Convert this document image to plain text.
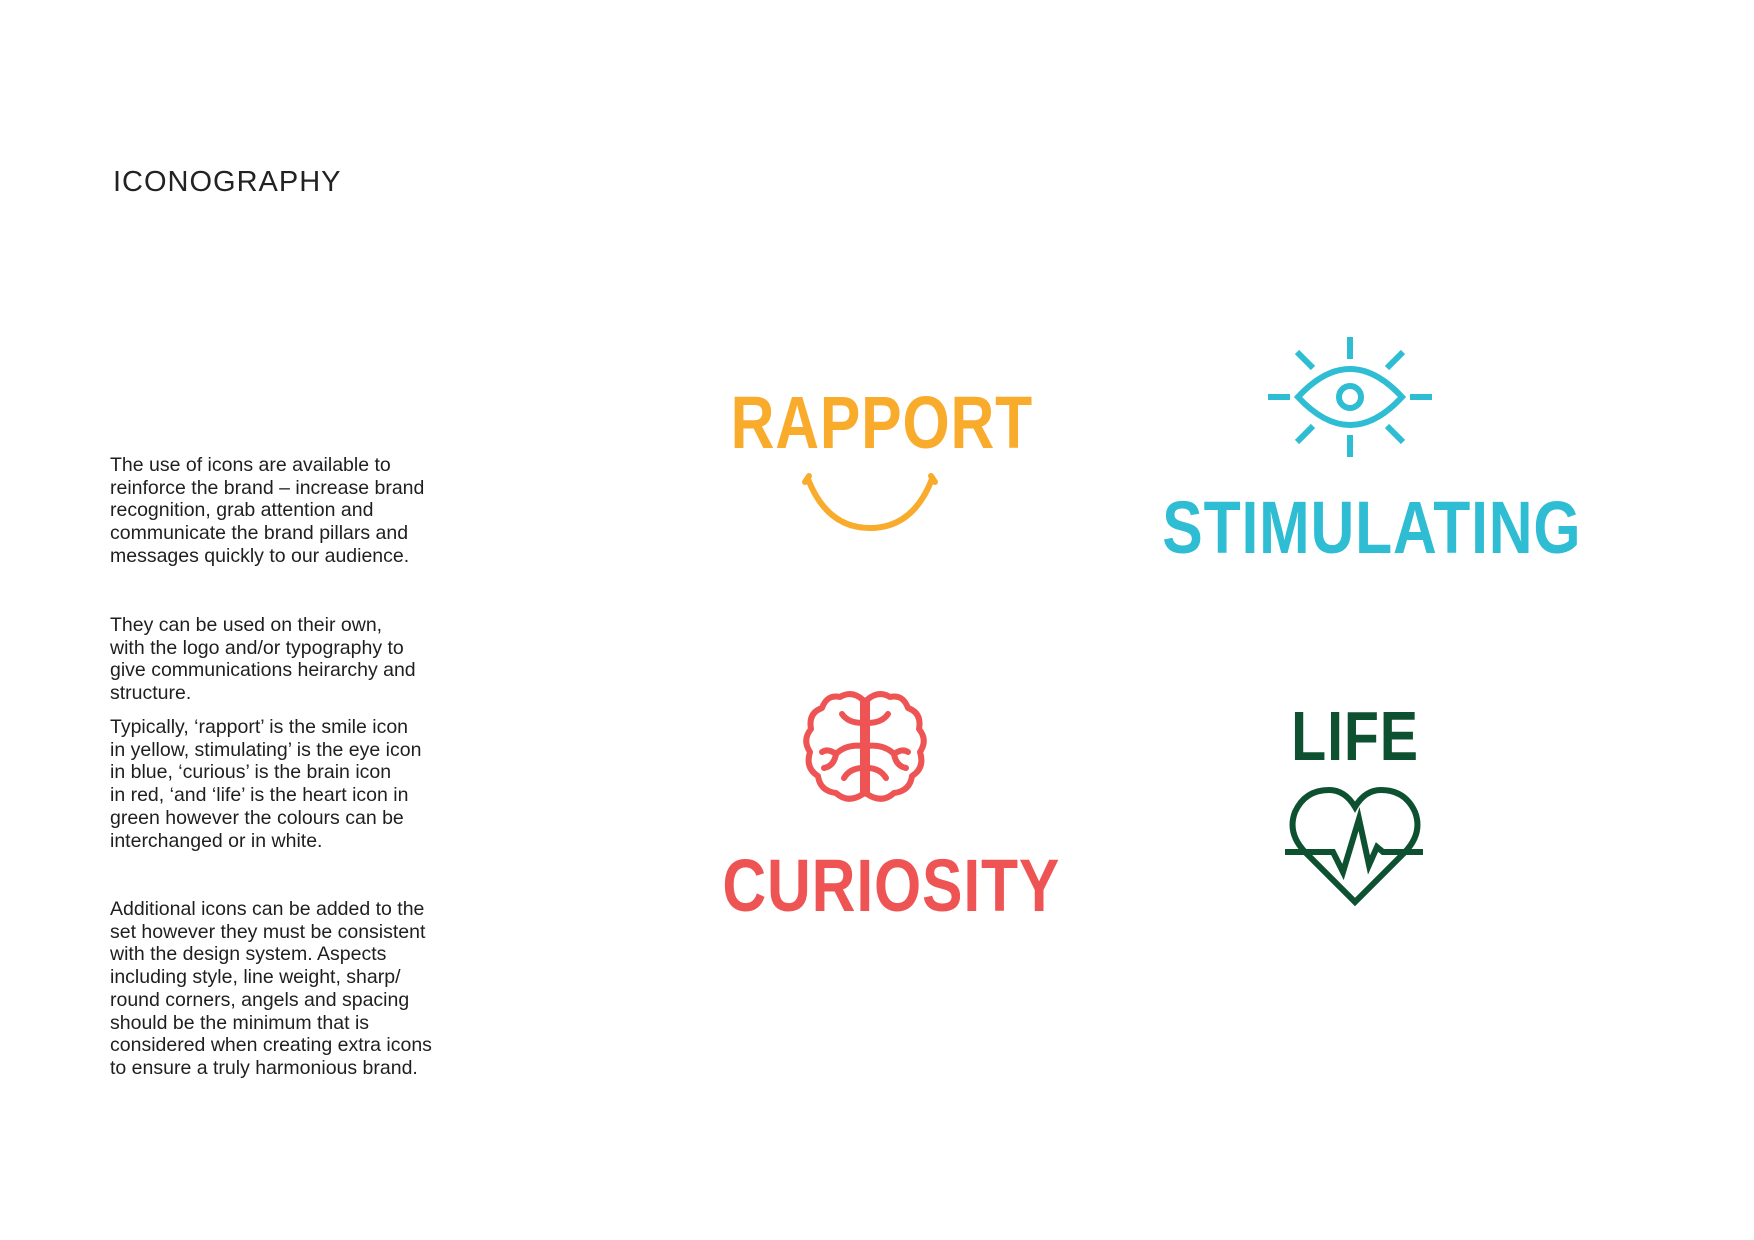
ICONOGRAPHY

The use of icons are available to
reinforce the brand – increase brand
recognition, grab attention and
communicate the brand pillars and
messages quickly to our audience.

They can be used on their own,
with the logo and/or typography to
give communications heirarchy and
structure.

Typically, ‘rapport’ is the smile icon
in yellow, stimulating’ is the eye icon
in blue, ‘curious’ is the brain icon
in red, ‘and ‘life’ is the heart icon in
green however the colours can be
interchanged or in white.

Additional icons can be added to the
set however they must be consistent
with the design system. Aspects
including style, line weight, sharp/
round corners, angels and spacing
should be the minimum that is
considered when creating extra icons
to ensure a truly harmonious brand.

RAPPORT
STIMULATING
CURIOSITY
LIFE
